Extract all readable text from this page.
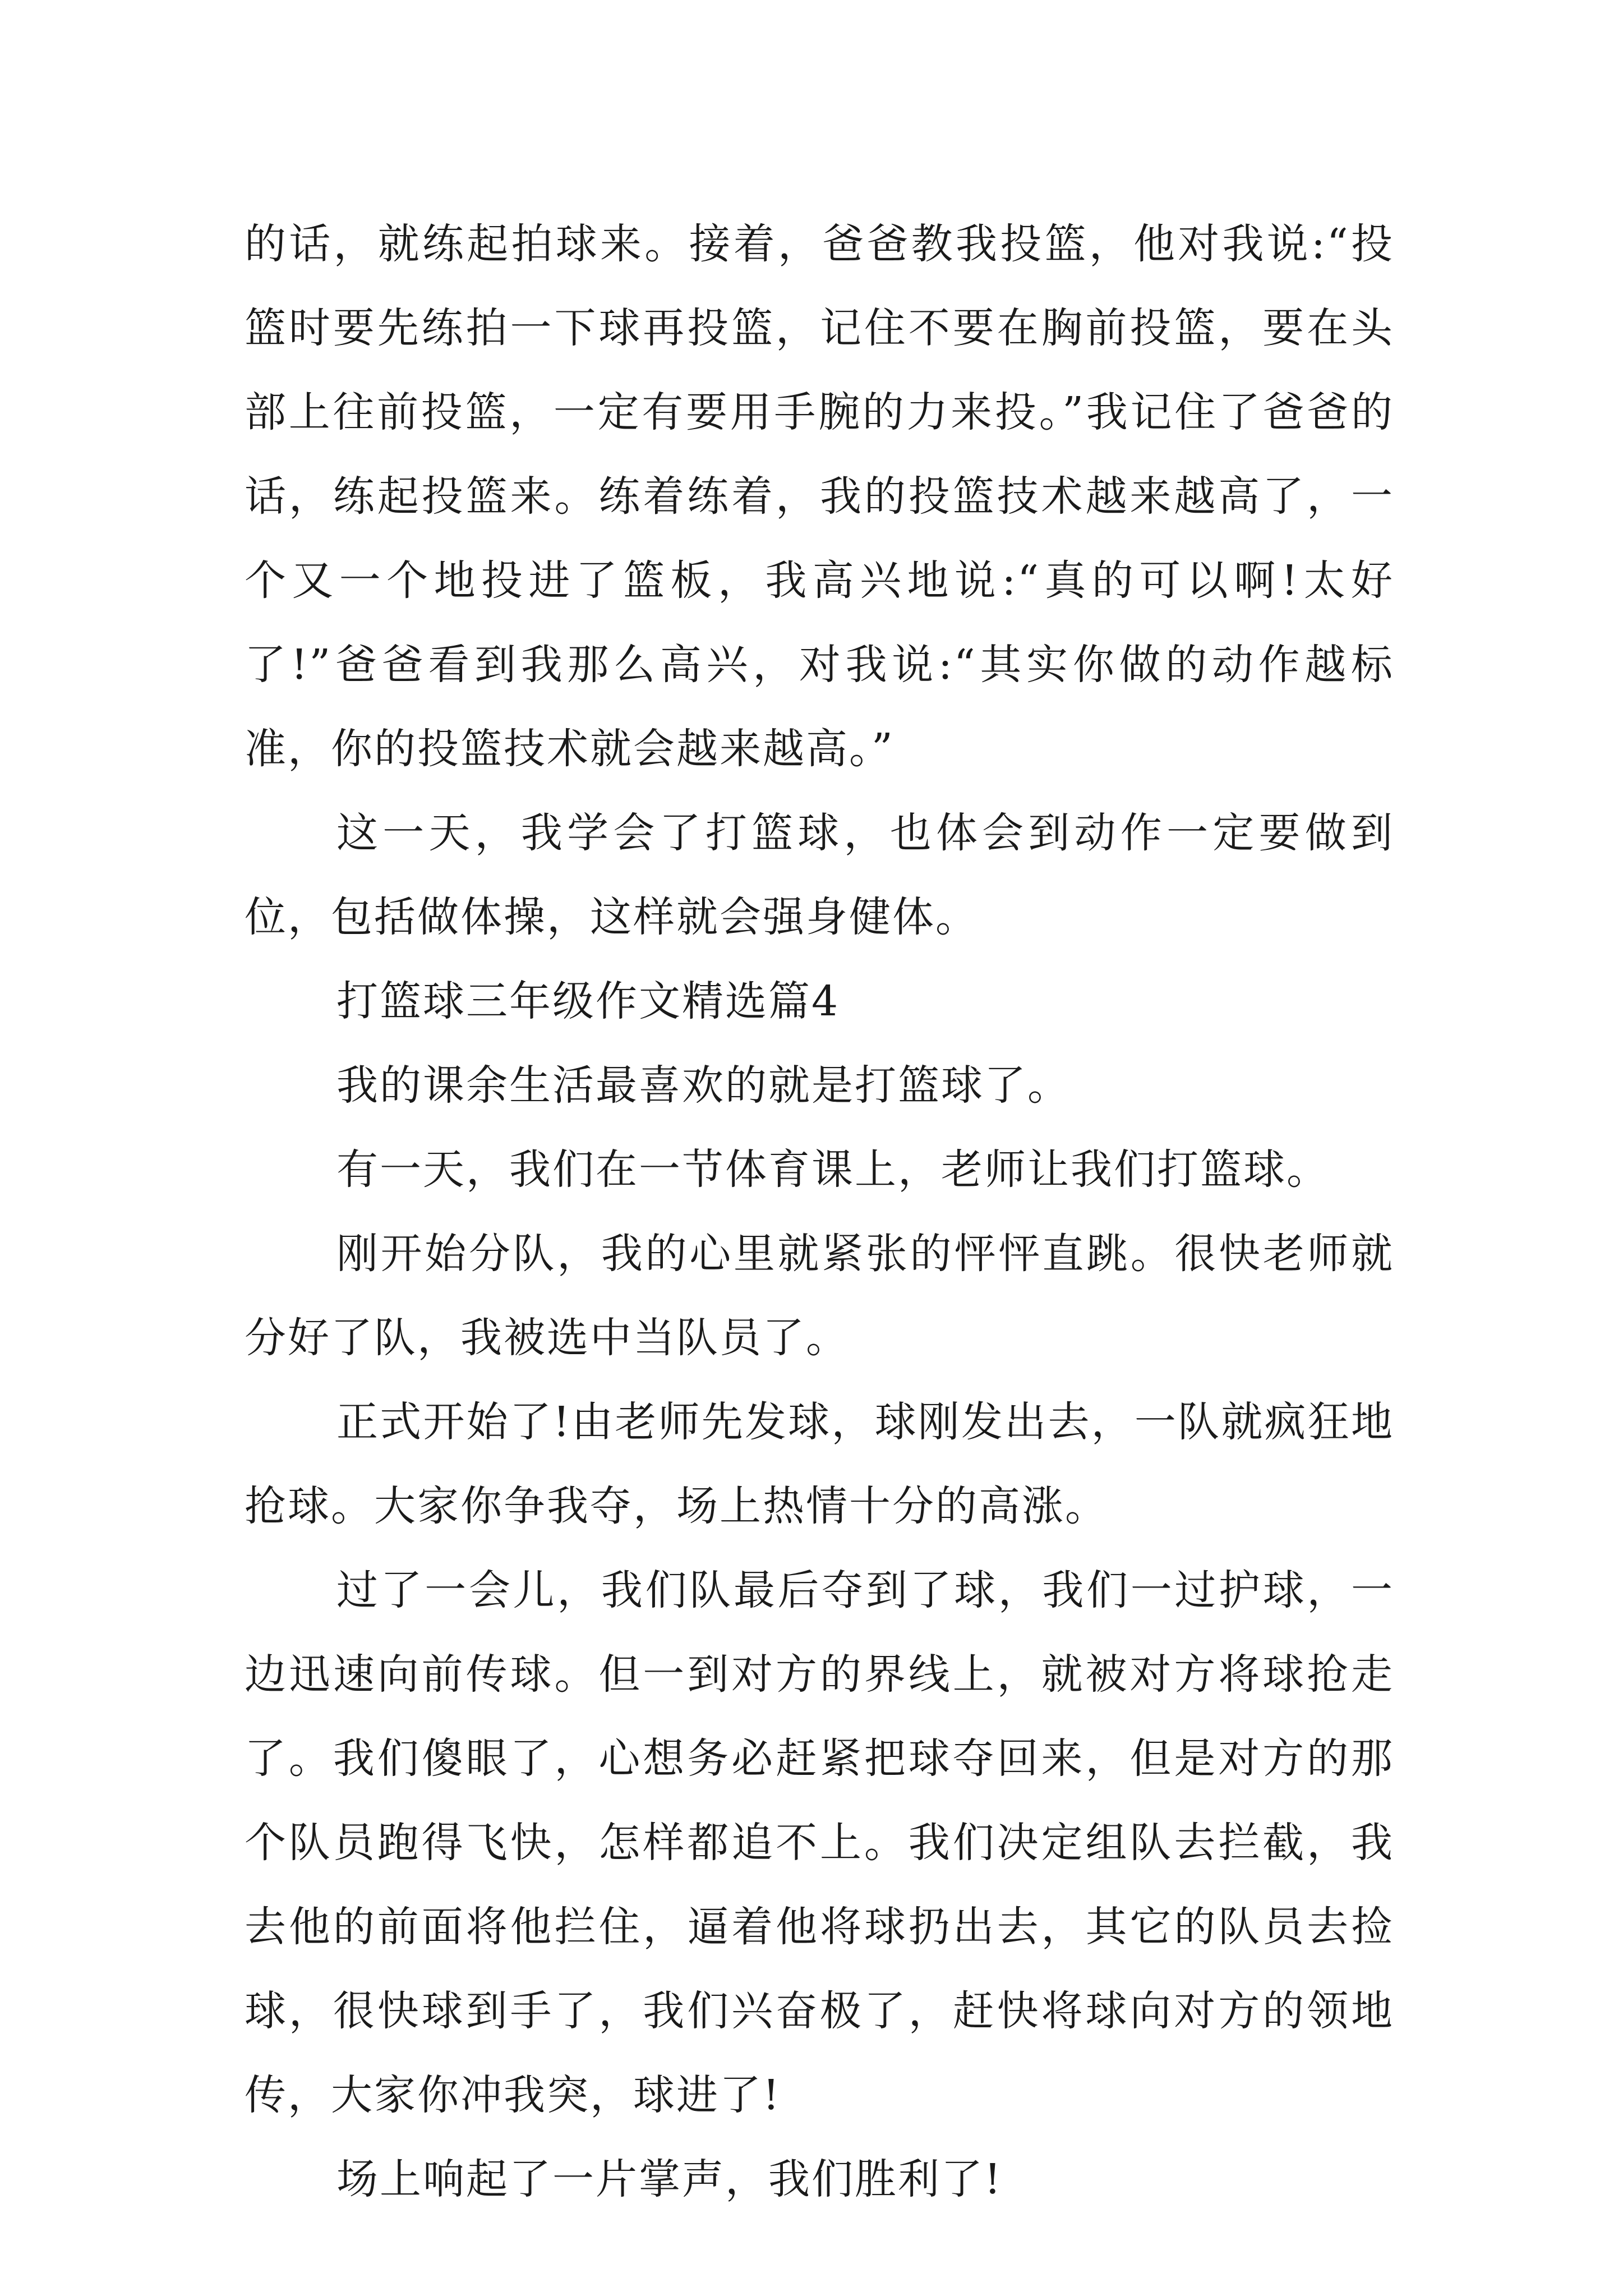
的话，就练起拍球来。接着，爸爸教我投篮，他对我说:“投篮时要先练拍一下球再投篮，记住不要在胸前投篮，要在头部上往前投篮，一定有要用手腕的力来投。”我记住了爸爸的话，练起投篮来。练着练着，我的投篮技术越来越高了，一个又一个地投进了篮板，我高兴地说:“真的可以啊!太好了!”爸爸看到我那么高兴，对我说:“其实你做的动作越标准，你的投篮技术就会越来越高。”

这一天，我学会了打篮球，也体会到动作一定要做到位，包括做体操，这样就会强身健体。

打篮球三年级作文精选篇4

我的课余生活最喜欢的就是打篮球了。

有一天，我们在一节体育课上，老师让我们打篮球。

刚开始分队，我的心里就紧张的怦怦直跳。很快老师就分好了队，我被选中当队员了。

正式开始了!由老师先发球，球刚发出去，一队就疯狂地抢球。大家你争我夺，场上热情十分的高涨。

过了一会儿，我们队最后夺到了球，我们一过护球，一边迅速向前传球。但一到对方的界线上，就被对方将球抢走了。我们傻眼了，心想务必赶紧把球夺回来，但是对方的那个队员跑得飞快，怎样都追不上。我们决定组队去拦截，我去他的前面将他拦住，逼着他将球扔出去，其它的队员去捡球，很快球到手了，我们兴奋极了，赶快将球向对方的领地传，大家你冲我突，球进了!

场上响起了一片掌声，我们胜利了!
